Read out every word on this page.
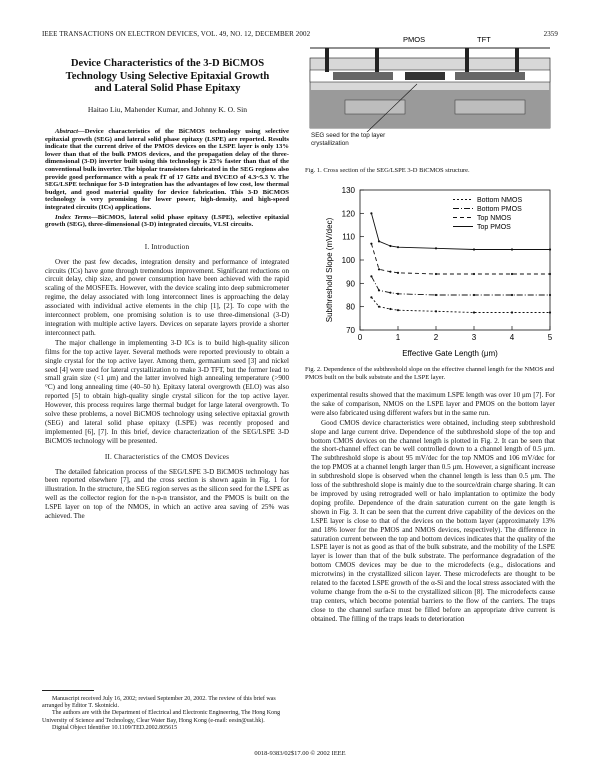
IEEE TRANSACTIONS ON ELECTRON DEVICES, VOL. 49, NO. 12, DECEMBER 2002	2359
Device Characteristics of the 3-D BiCMOS Technology Using Selective Epitaxial Growth and Lateral Solid Phase Epitaxy
Haitao Liu, Mahender Kumar, and Johnny K. O. Sin
Abstract—Device characteristics of the BiCMOS technology using selective epitaxial growth (SEG) and lateral solid phase epitaxy (LSPE) are reported. Results indicate that the current drive of the PMOS devices on the LSPE layer is only 13% lower than that of the bulk PMOS devices, and the propagation delay of the three-dimensional (3-D) inverter built using this technology is 23% faster than that of the conventional bulk inverter. The bipolar transistors fabricated in the SEG regions also provide good performance with a peak fT of 17 GHz and BVCEO of 4.3~5.3 V. The SEG/LSPE technique for 3-D integration has the advantages of low cost, low thermal budget, and good material quality for device fabrication. This 3-D BiCMOS technology is very promising for lower power, high-density, and high-speed integrated circuits (ICs) applications.
Index Terms—BiCMOS, lateral solid phase epitaxy (LSPE), selective epitaxial growth (SEG), three-dimensional (3-D) integrated circuits, VLSI circuits.
I. Introduction

Over the past few decades, integration density and performance of integrated circuits (ICs) have gone through tremendous improvement. Significant reductions on circuit delay, chip size, and power consumption have been achieved with the rapid scaling of the MOSFETs. However, with the device scaling into deep submicrometer regime, the delay associated with long interconnect lines is approaching the delay associated with individual active elements in the chip [1], [2]. To cope with the interconnect problem, one promising solution is to use three-dimensional (3-D) integration with multiple active layers. Devices on separate layers provide a shorter interconnect path.

The major challenge in implementing 3-D ICs is to build high-quality silicon films for the top active layer. Several methods were reported previously to obtain a single crystal for the top active layer. Among them, germanium seed [3] and nickel seed [4] were used for lateral crystallization to make 3-D TFT, but the former lead to small grain size (<1 μm) and the latter involved high annealing temperature (>900 °C) and long annealing time (40–50 h). Epitaxy lateral overgrowth (ELO) was also reported [5] to obtain high-quality single crystal silicon for the top active layer. However, this process requires large thermal budget for large lateral overgrowth. To solve these problems, a novel BiCMOS technology using selective epitaxial growth (SEG) and lateral solid phase epitaxy (LSPE) was recently proposed and implemented [6], [7]. In this brief, device characterization of the SEG/LSPE 3-D BiCMOS technology will be presented.

II. Characteristics of the CMOS Devices

The detailed fabrication process of the SEG/LSPE 3-D BiCMOS technology has been reported elsewhere [7], and the cross section is shown again in Fig. 1 for illustration. In the structure, the SEG region serves as the silicon seed for the LSPE as well as the collector region for the n-p-n transistor, and the PMOS is built on the LSPE layer on top of the NMOS, in which an active area saving of 25% was achieved. The

Manuscript received July 16, 2002; revised September 20, 2002. The review of this brief was arranged by Editor T. Skotnicki.

The authors are with the Department of Electrical and Electronic Engineering, The Hong Kong University of Science and Technology, Clear Water Bay, Hong Kong (e-mail: eesin@ust.hk).

Digital Object Identifier 10.1109/TED.2002.805615

PMOS	TFT
SEG seed for the top layer crystallization
Fig. 1. Cross section of the SEG/LSPE 3-D BiCMOS structure.
0	1	2	3	4	5
70
80
90
100
110
120
130
Bottom NMOS
Bottom PMOS
Top NMOS
Top PMOS
Effective Gate Length (μm)
Subthreshold Slope (mV/dec)
Fig. 2. Dependence of the subthreshold slope on the effective channel length for the NMOS and PMOS built on the bulk substrate and the LSPE layer.

experimental results showed that the maximum LSPE length was over 10 μm [7]. For the sake of comparison, NMOS on the LSPE layer and PMOS on the bottom layer were also fabricated using different wafers but in the same run.

Good CMOS device characteristics were obtained, including steep subthreshold slope and large current drive. Dependence of the subthreshold slope of the top and bottom CMOS devices on the channel length is plotted in Fig. 2. It can be seen that the short-channel effect can be well controlled down to a channel length of 0.5 μm. The subthreshold slope is about 95 mV/dec for the top NMOS and 106 mV/dec for the top PMOS at a channel length larger than 0.5 μm. However, a significant increase in subthreshold slope is observed when the channel length is less than 0.5 μm. The loss of the subthreshold slope is mainly due to the source/drain charge sharing. It can be improved by using retrograded well or halo implantation to optimize the body doping profile. Dependence of the drain saturation current on the gate length is shown in Fig. 3. It can be seen that the current drive capability of the devices on the LSPE layer is close to that of the devices on the bottom layer (approximately 13% and 18% lower for the PMOS and NMOS devices, respectively). The difference in saturation current between the top and bottom devices indicates that the quality of the LSPE layer is not as good as that of the bulk substrate, and the mobility of the LSPE layer is lower than that of the bulk substrate. The performance degradation of the bottom CMOS devices may be due to the microdefects (e.g., dislocations and microtwins) in the crystallized silicon layer. These microdefects are thought to be related to the faceted LSPE growth of the α-Si and the local stress associated with the volume change from the α-Si to the crystallized silicon [8]. The microdefects cause trap centers, which become potential barriers to the flow of the carriers. The traps close to the channel surface must be filled before an appropriate drive current is obtained. The filling of the traps leads to deterioration

0018-9383/02$17.00 © 2002 IEEE
